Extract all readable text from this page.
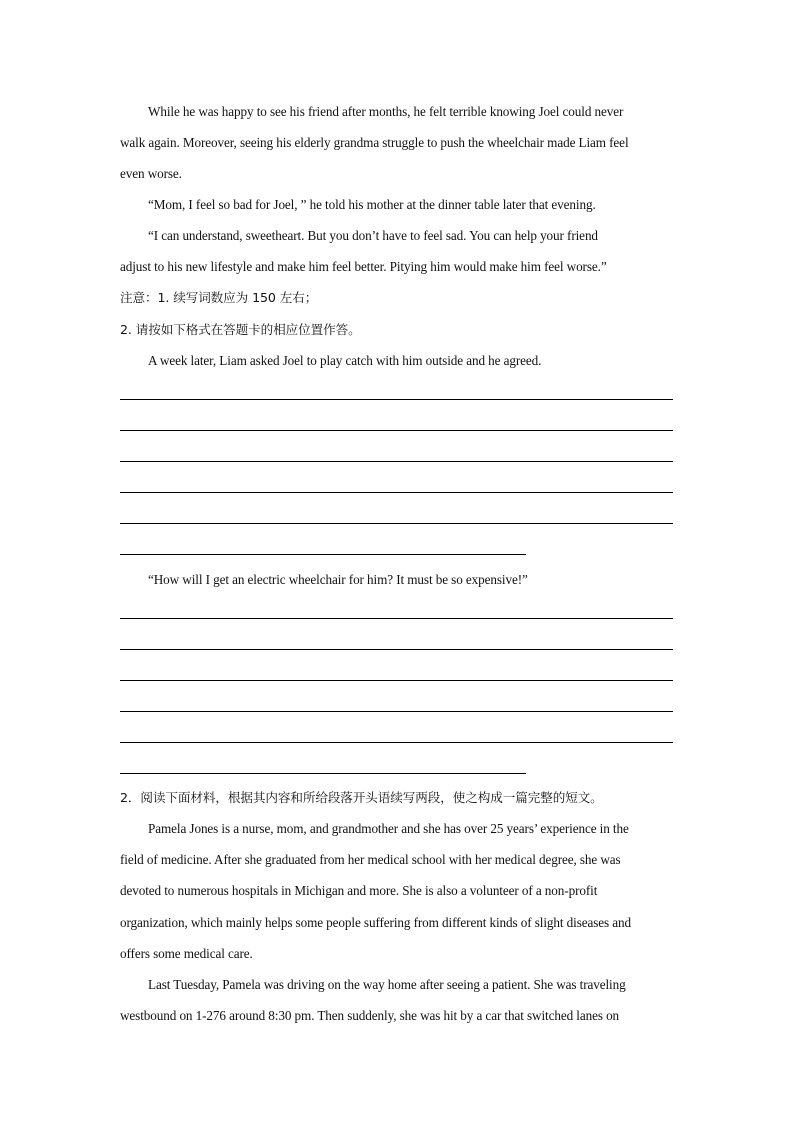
While he was happy to see his friend after months, he felt terrible knowing Joel could never
walk again. Moreover, seeing his elderly grandma struggle to push the wheelchair made Liam feel
even worse.
“Mom, I feel so bad for Joel, ” he told his mother at the dinner table later that evening.
“I can understand, sweetheart. But you don’t have to feel sad. You can help your friend
adjust to his new lifestyle and make him feel better. Pitying him would make him feel worse.”
注意：1. 续写词数应为 150 左右；
2. 请按如下格式在答题卡的相应位置作答。
A week later, Liam asked Joel to play catch with him outside and he agreed.
“How will I get an electric wheelchair for him? It must be so expensive!”
2．阅读下面材料，根据其内容和所给段落开头语续写两段，使之构成一篇完整的短文。
Pamela Jones is a nurse, mom, and grandmother and she has over 25 years’ experience in the
field of medicine. After she graduated from her medical school with her medical degree, she was
devoted to numerous hospitals in Michigan and more. She is also a volunteer of a non-profit
organization, which mainly helps some people suffering from different kinds of slight diseases and
offers some medical care.
Last Tuesday, Pamela was driving on the way home after seeing a patient. She was traveling
westbound on 1-276 around 8:30 pm. Then suddenly, she was hit by a car that switched lanes on
